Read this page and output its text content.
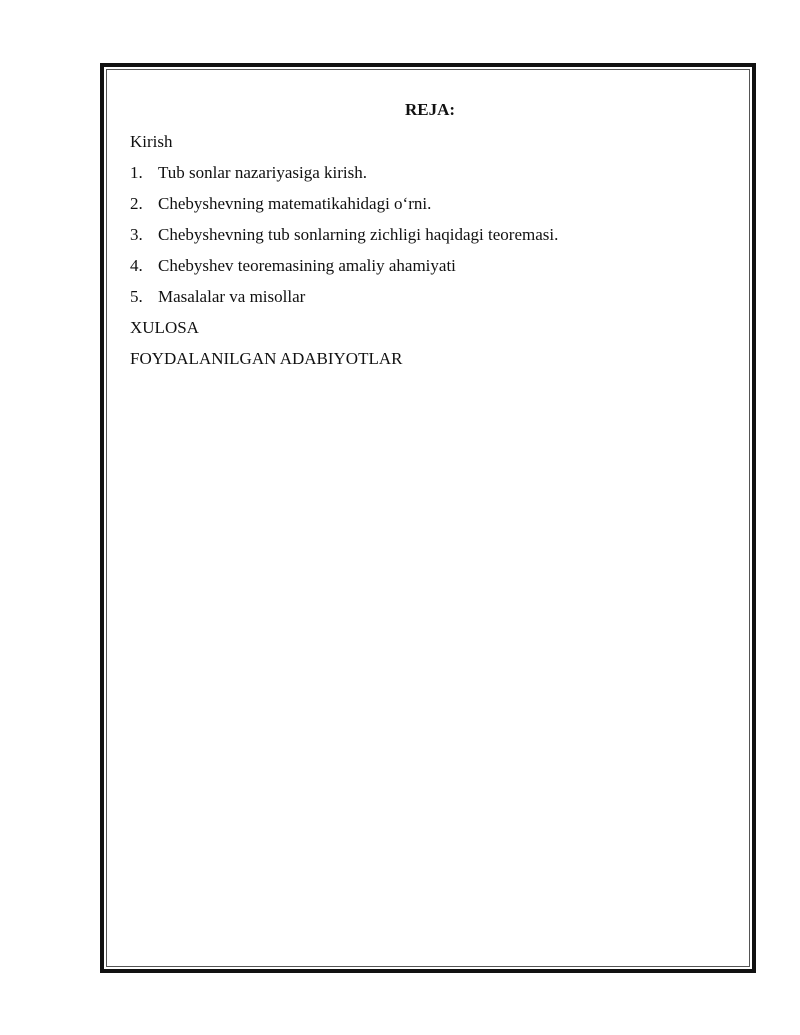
REJA:

Kirish

1. Tub sonlar nazariyasiga kirish.
2. Chebyshevning matematikahidagi o‘rni.
3. Chebyshevning tub sonlarning zichligi haqidagi teoremasi.
4. Chebyshev teoremasining amaliy ahamiyati
5. Masalalar va misollar

XULOSA

FOYDALANILGAN ADABIYOTLAR
